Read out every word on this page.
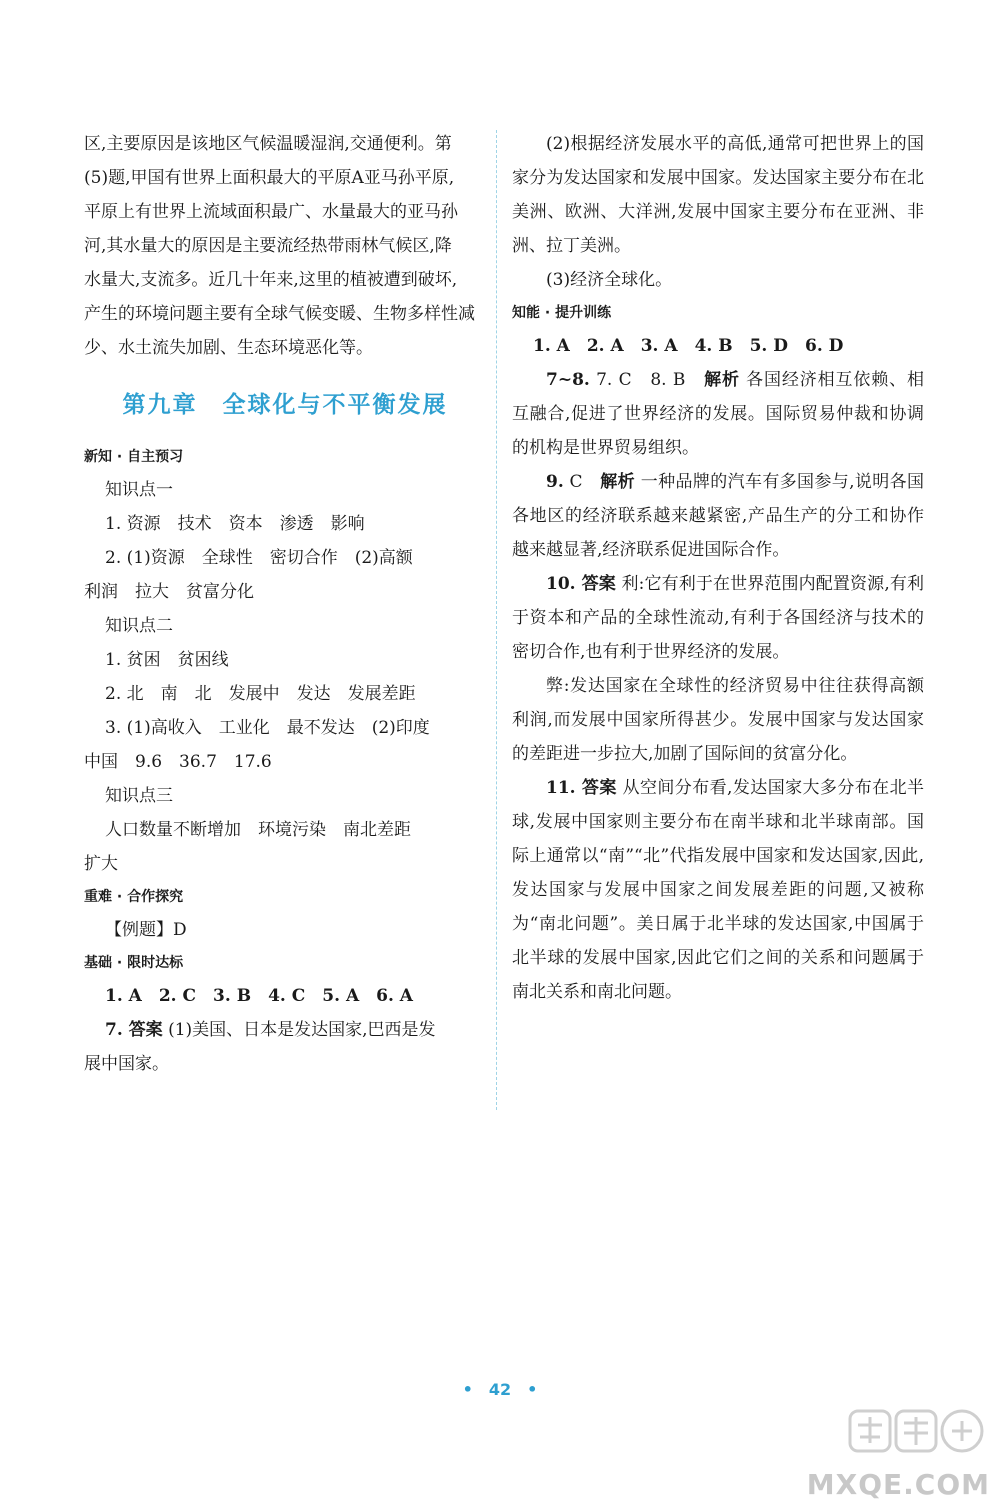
区,主要原因是该地区气候温暖湿润,交通便利。第

(5)题,甲国有世界上面积最大的平原A亚马孙平原,

平原上有世界上流域面积最广、水量最大的亚马孙

河,其水量大的原因是主要流经热带雨林气候区,降

水量大,支流多。近几十年来,这里的植被遭到破坏,

产生的环境问题主要有全球气候变暖、生物多样性减

少、水土流失加剧、生态环境恶化等。

第九章　全球化与不平衡发展
新知 · 自主预习

知识点一

1. 资源　技术　资本　渗透　影响

2. (1)资源　全球性　密切合作　(2)高额

利润　拉大　贫富分化

知识点二

1. 贫困　贫困线

2. 北　南　北　发展中　发达　发展差距

3. (1)高收入　工业化　最不发达　(2)印度

中国　9.6　36.7　17.6

知识点三

人口数量不断增加　环境污染　南北差距

扩大

重难 · 合作探究

【例题】D

基础 · 限时达标

1. A　2. C　3. B　4. C　5. A　6. A

7. 答案 (1)美国、日本是发达国家,巴西是发

展中国家。

(2)根据经济发展水平的高低,通常可把世界上的国家分为发达国家和发展中国家。发达国家主要分布在北美洲、欧洲、大洋洲,发展中国家主要分布在亚洲、非洲、拉丁美洲。

(3)经济全球化。

知能 · 提升训练

1. A　2. A　3. A　4. B　5. D　6. D

7~8. 7. C　8. B　解析 各国经济相互依赖、相互融合,促进了世界经济的发展。国际贸易仲裁和协调的机构是世界贸易组织。

9. C　解析 一种品牌的汽车有多国参与,说明各国各地区的经济联系越来越紧密,产品生产的分工和协作越来越显著,经济联系促进国际合作。

10. 答案 利:它有利于在世界范围内配置资源,有利于资本和产品的全球性流动,有利于各国经济与技术的密切合作,也有利于世界经济的发展。

弊:发达国家在全球性的经济贸易中往往获得高额利润,而发展中国家所得甚少。发展中国家与发达国家的差距进一步拉大,加剧了国际间的贫富分化。

11. 答案 从空间分布看,发达国家大多分布在北半球,发展中国家则主要分布在南半球和北半球南部。国际上通常以“南”“北”代指发展中国家和发达国家,因此,发达国家与发展中国家之间发展差距的问题,又被称为“南北问题”。美日属于北半球的发达国家,中国属于北半球的发展中国家,因此它们之间的关系和问题属于南北关系和南北问题。

• 42 •
MXQE.COM
